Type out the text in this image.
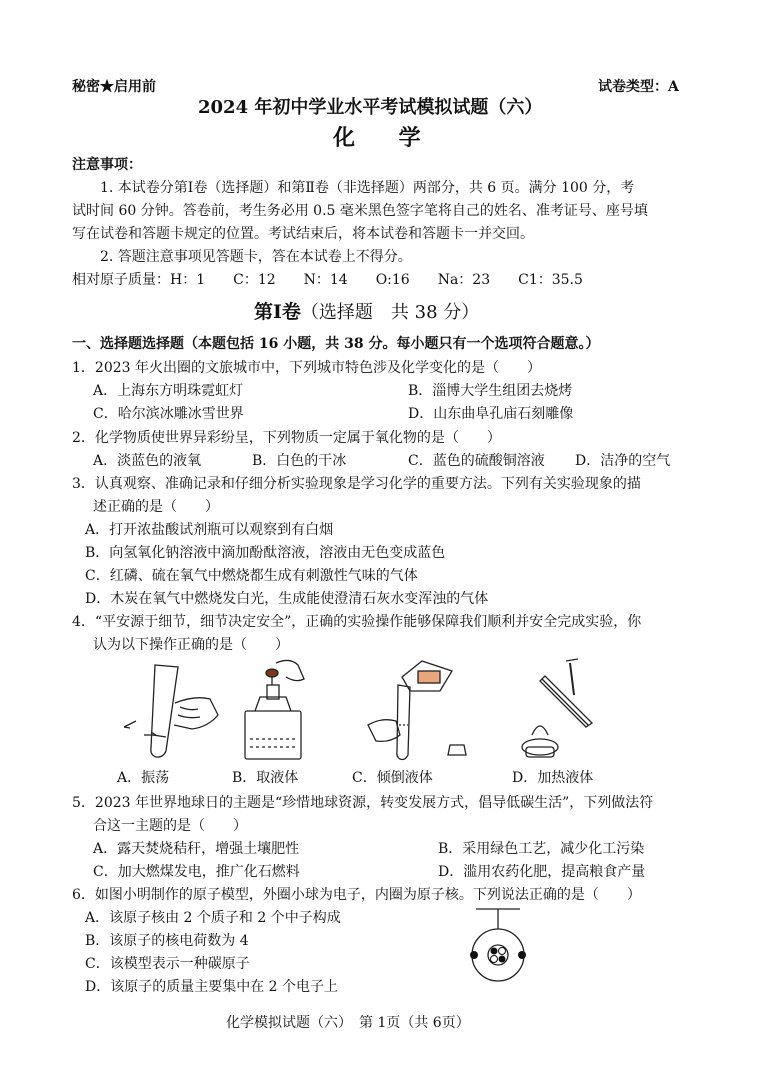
秘密★启用前	试卷类型：A
2024 年初中学业水平考试模拟试题（六）
化 学
注意事项：
1. 本试卷分第Ⅰ卷（选择题）和第Ⅱ卷（非选择题）两部分，共 6 页。满分 100 分，考
试时间 60 分钟。答卷前，考生务必用 0.5 毫米黑色签字笔将自己的姓名、准考证号、座号填
写在试卷和答题卡规定的位置。考试结束后，将本试卷和答题卡一并交回。
2. 答题注意事项见答题卡，答在本试卷上不得分。
相对原子质量：H：1　　C：12　　N：14　　O:16　　Na：23　　C1：35.5
第Ⅰ卷（选择题　共 38 分）
一、选择题选择题（本题包括 16 小题，共 38 分。每小题只有一个选项符合题意。）
1．2023 年火出圈的文旅城市中，下列城市特色涉及化学变化的是（　　）
A．上海东方明珠霓虹灯	B．淄博大学生组团去烧烤
C．哈尔滨冰雕冰雪世界	D．山东曲阜孔庙石刻雕像
2．化学物质使世界异彩纷呈，下列物质一定属于氧化物的是（　　）
A．淡蓝色的液氧	B．白色的干冰	C．蓝色的硫酸铜溶液 D．洁净的空气
3．认真观察、准确记录和仔细分析实验现象是学习化学的重要方法。下列有关实验现象的描
述正确的是（　　）
A．打开浓盐酸试剂瓶可以观察到有白烟
B．向氢氧化钠溶液中滴加酚酞溶液，溶液由无色变成蓝色
C．红磷、硫在氧气中燃烧都生成有刺激性气味的气体
D．木炭在氧气中燃烧发白光，生成能使澄清石灰水变浑浊的气体
4．“平安源于细节，细节决定安全”，正确的实验操作能够保障我们顺利并安全完成实验，你
认为以下操作正确的是（　　）
A．振荡	B．取液体	C．倾倒液体	D．加热液体
5．2023 年世界地球日的主题是“珍惜地球资源，转变发展方式，倡导低碳生活”，下列做法符
合这一主题的是（　　）
A．露天焚烧秸秆，增强土壤肥性	B．采用绿色工艺，减少化工污染
C．加大燃煤发电，推广化石燃料	D．滥用农药化肥，提高粮食产量
6．如图小明制作的原子模型，外圈小球为电子，内圈为原子核。下列说法正确的是（　　）
A．该原子核由 2 个质子和 2 个中子构成
B．该原子的核电荷数为 4
C．该模型表示一种碳原子
D．该原子的质量主要集中在 2 个电子上
化学模拟试题（六）　第 1页（共 6页）
